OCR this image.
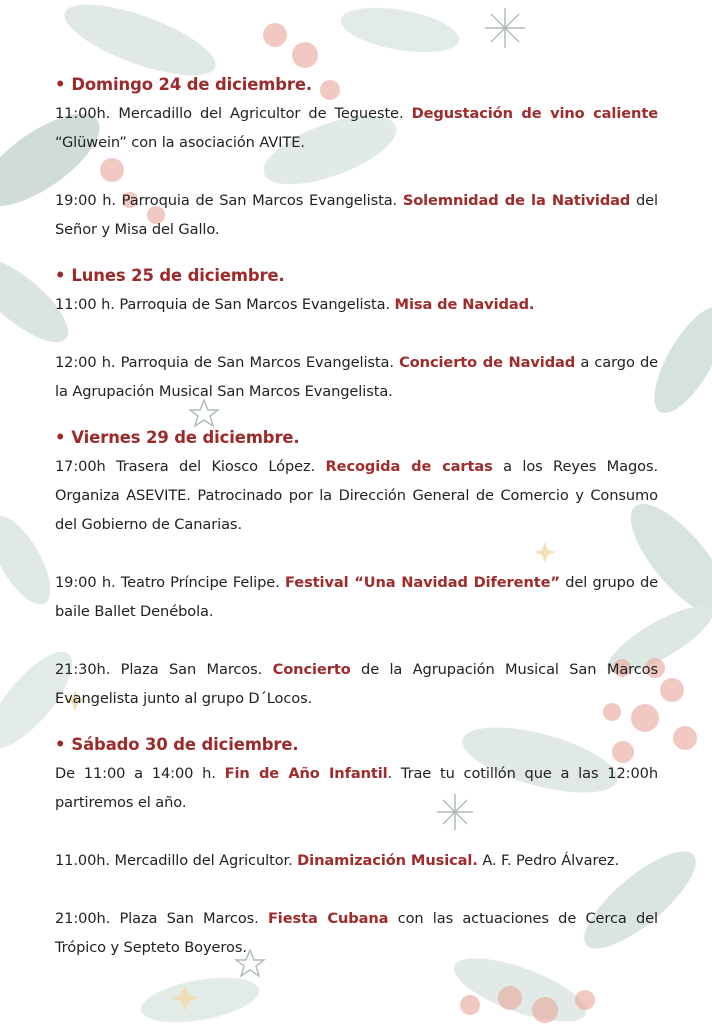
• Domingo 24 de diciembre.

11:00h. Mercadillo del Agricultor de Tegueste. Degustación de vino caliente “Glüwein” con la asociación AVITE.

19:00 h. Parroquia de San Marcos Evangelista. Solemnidad de la Natividad del Señor y Misa del Gallo.

• Lunes 25 de diciembre.

11:00 h. Parroquia de San Marcos Evangelista. Misa de Navidad.

12:00 h. Parroquia de San Marcos Evangelista. Concierto de Navidad a cargo de la Agrupación Musical San Marcos Evangelista.

• Viernes 29 de diciembre.

17:00h Trasera del Kiosco López. Recogida de cartas a los Reyes Magos. Organiza ASEVITE. Patrocinado por la Dirección General de Comercio y Consumo del Gobierno de Canarias.

19:00 h. Teatro Príncipe Felipe. Festival “Una Navidad Diferente” del grupo de baile Ballet Denébola.

21:30h. Plaza San Marcos. Concierto de la Agrupación Musical San Marcos Evangelista junto al grupo D´Locos.

• Sábado 30 de diciembre.

De 11:00 a 14:00 h. Fin de Año Infantil. Trae tu cotillón que a las 12:00h partiremos el año.

11.00h. Mercadillo del Agricultor. Dinamización Musical. A. F. Pedro Álvarez.

21:00h. Plaza San Marcos. Fiesta Cubana con las actuaciones de Cerca del Trópico y Septeto Boyeros.
